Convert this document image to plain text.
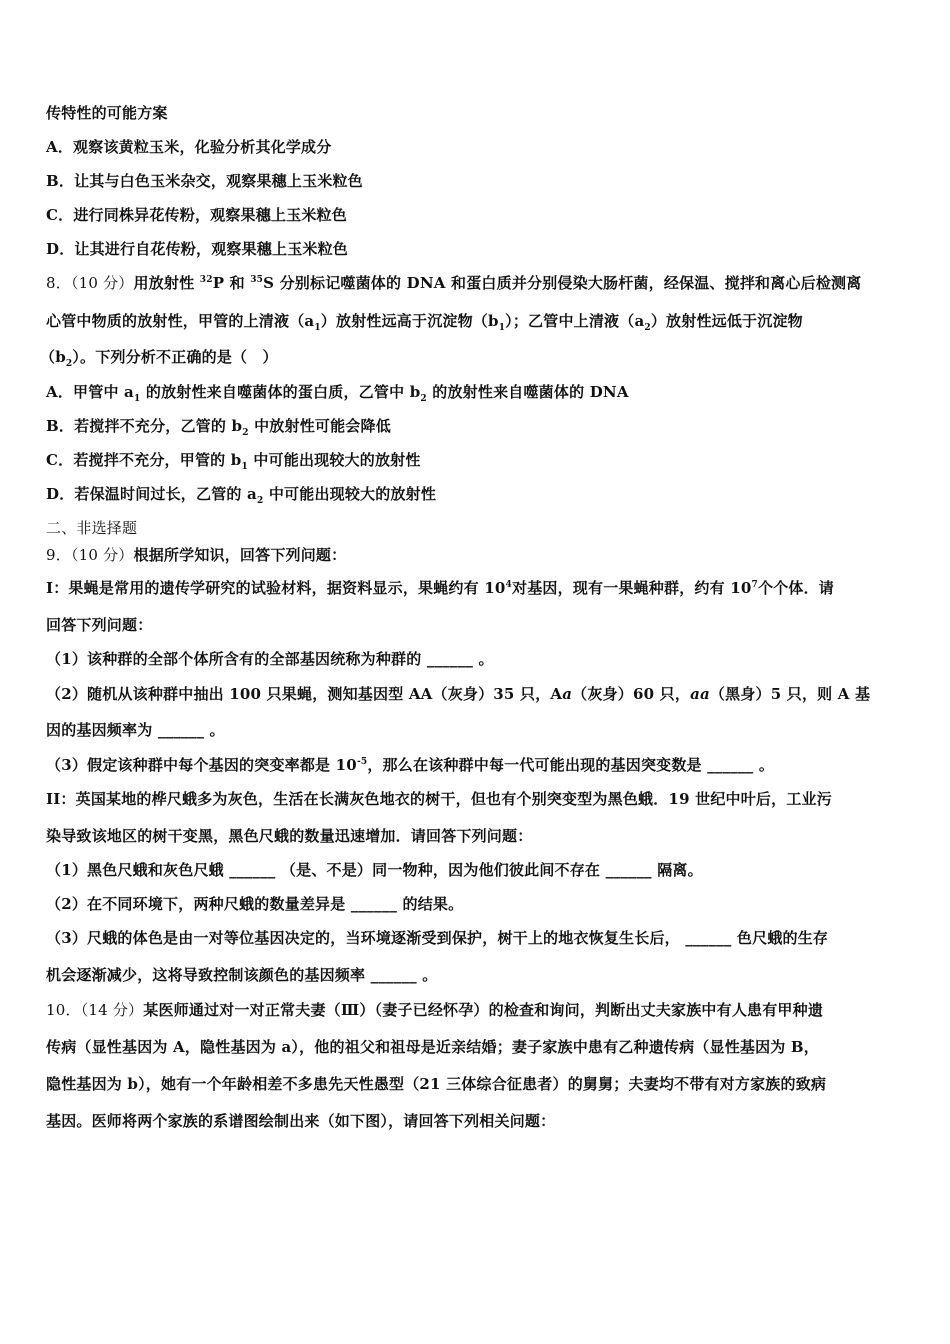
传特性的可能方案
A．观察该黄粒玉米，化验分析其化学成分
B．让其与白色玉米杂交，观察果穗上玉米粒色
C．进行同株异花传粉，观察果穗上玉米粒色
D．让其进行自花传粉，观察果穗上玉米粒色
8．（10 分）用放射性 $^{32}$P 和 $^{35}$S 分别标记噬菌体的 DNA 和蛋白质并分别侵染大肠杆菌，经保温、搅拌和离心后检测离
心管中物质的放射性，甲管的上清液$(a_1)$放射性远高于沉淀物$(b_1)$；乙管中上清液$(a_2)$放射性远低于沉淀物
$(b_2)$。下列分析不正确的是（　）
A．甲管中 $a_1$ 的放射性来自噬菌体的蛋白质，乙管中 $b_2$ 的放射性来自噬菌体的 DNA
B．若搅拌不充分，乙管的 $b_2$ 中放射性可能会降低
C．若搅拌不充分，甲管的 $b_1$ 中可能出现较大的放射性
D．若保温时间过长，乙管的 $a_2$ 中可能出现较大的放射性
二、非选择题
9．（10 分）根据所学知识，回答下列问题：
I：果蝇是常用的遗传学研究的试验材料，据资料显示，果蝇约有 $10^4$对基因，现有一果蝇种群，约有 $10^7$个个体．请
回答下列问题：
（1）该种群的全部个体所含有的全部基因统称为种群的 ______ 。
（2）随机从该种群中抽出 100 只果蝇，测知基因型 AA（灰身）35 只，Aa（灰身）60 只，aa（黑身）5 只，则 A 基
因的基因频率为 ______ 。
（3）假定该种群中每个基因的突变率都是 $10^{-5}$，那么在该种群中每一代可能出现的基因突变数是 ______ 。
II：英国某地的桦尺蛾多为灰色，生活在长满灰色地衣的树干，但也有个别突变型为黑色蛾．19 世纪中叶后，工业污
染导致该地区的树干变黑，黑色尺蛾的数量迅速增加．请回答下列问题：
（1）黑色尺蛾和灰色尺蛾 ______ （是、不是）同一物种，因为他们彼此间不存在 ______ 隔离。
（2）在不同环境下，两种尺蛾的数量差异是 ______ 的结果。
（3）尺蛾的体色是由一对等位基因决定的，当环境逐渐受到保护，树干上的地衣恢复生长后， ______ 色尺蛾的生存
机会逐渐减少，这将导致控制该颜色的基因频率 ______ 。
10．（14 分）某医师通过对一对正常夫妻（Ⅲ）（妻子已经怀孕）的检查和询问，判断出丈夫家族中有人患有甲种遗
传病（显性基因为 A，隐性基因为 a），他的祖父和祖母是近亲结婚；妻子家族中患有乙种遗传病（显性基因为 B，
隐性基因为 b），她有一个年龄相差不多患先天性愚型（21 三体综合征患者）的舅舅；夫妻均不带有对方家族的致病
基因。医师将两个家族的系谱图绘制出来（如下图），请回答下列相关问题：
